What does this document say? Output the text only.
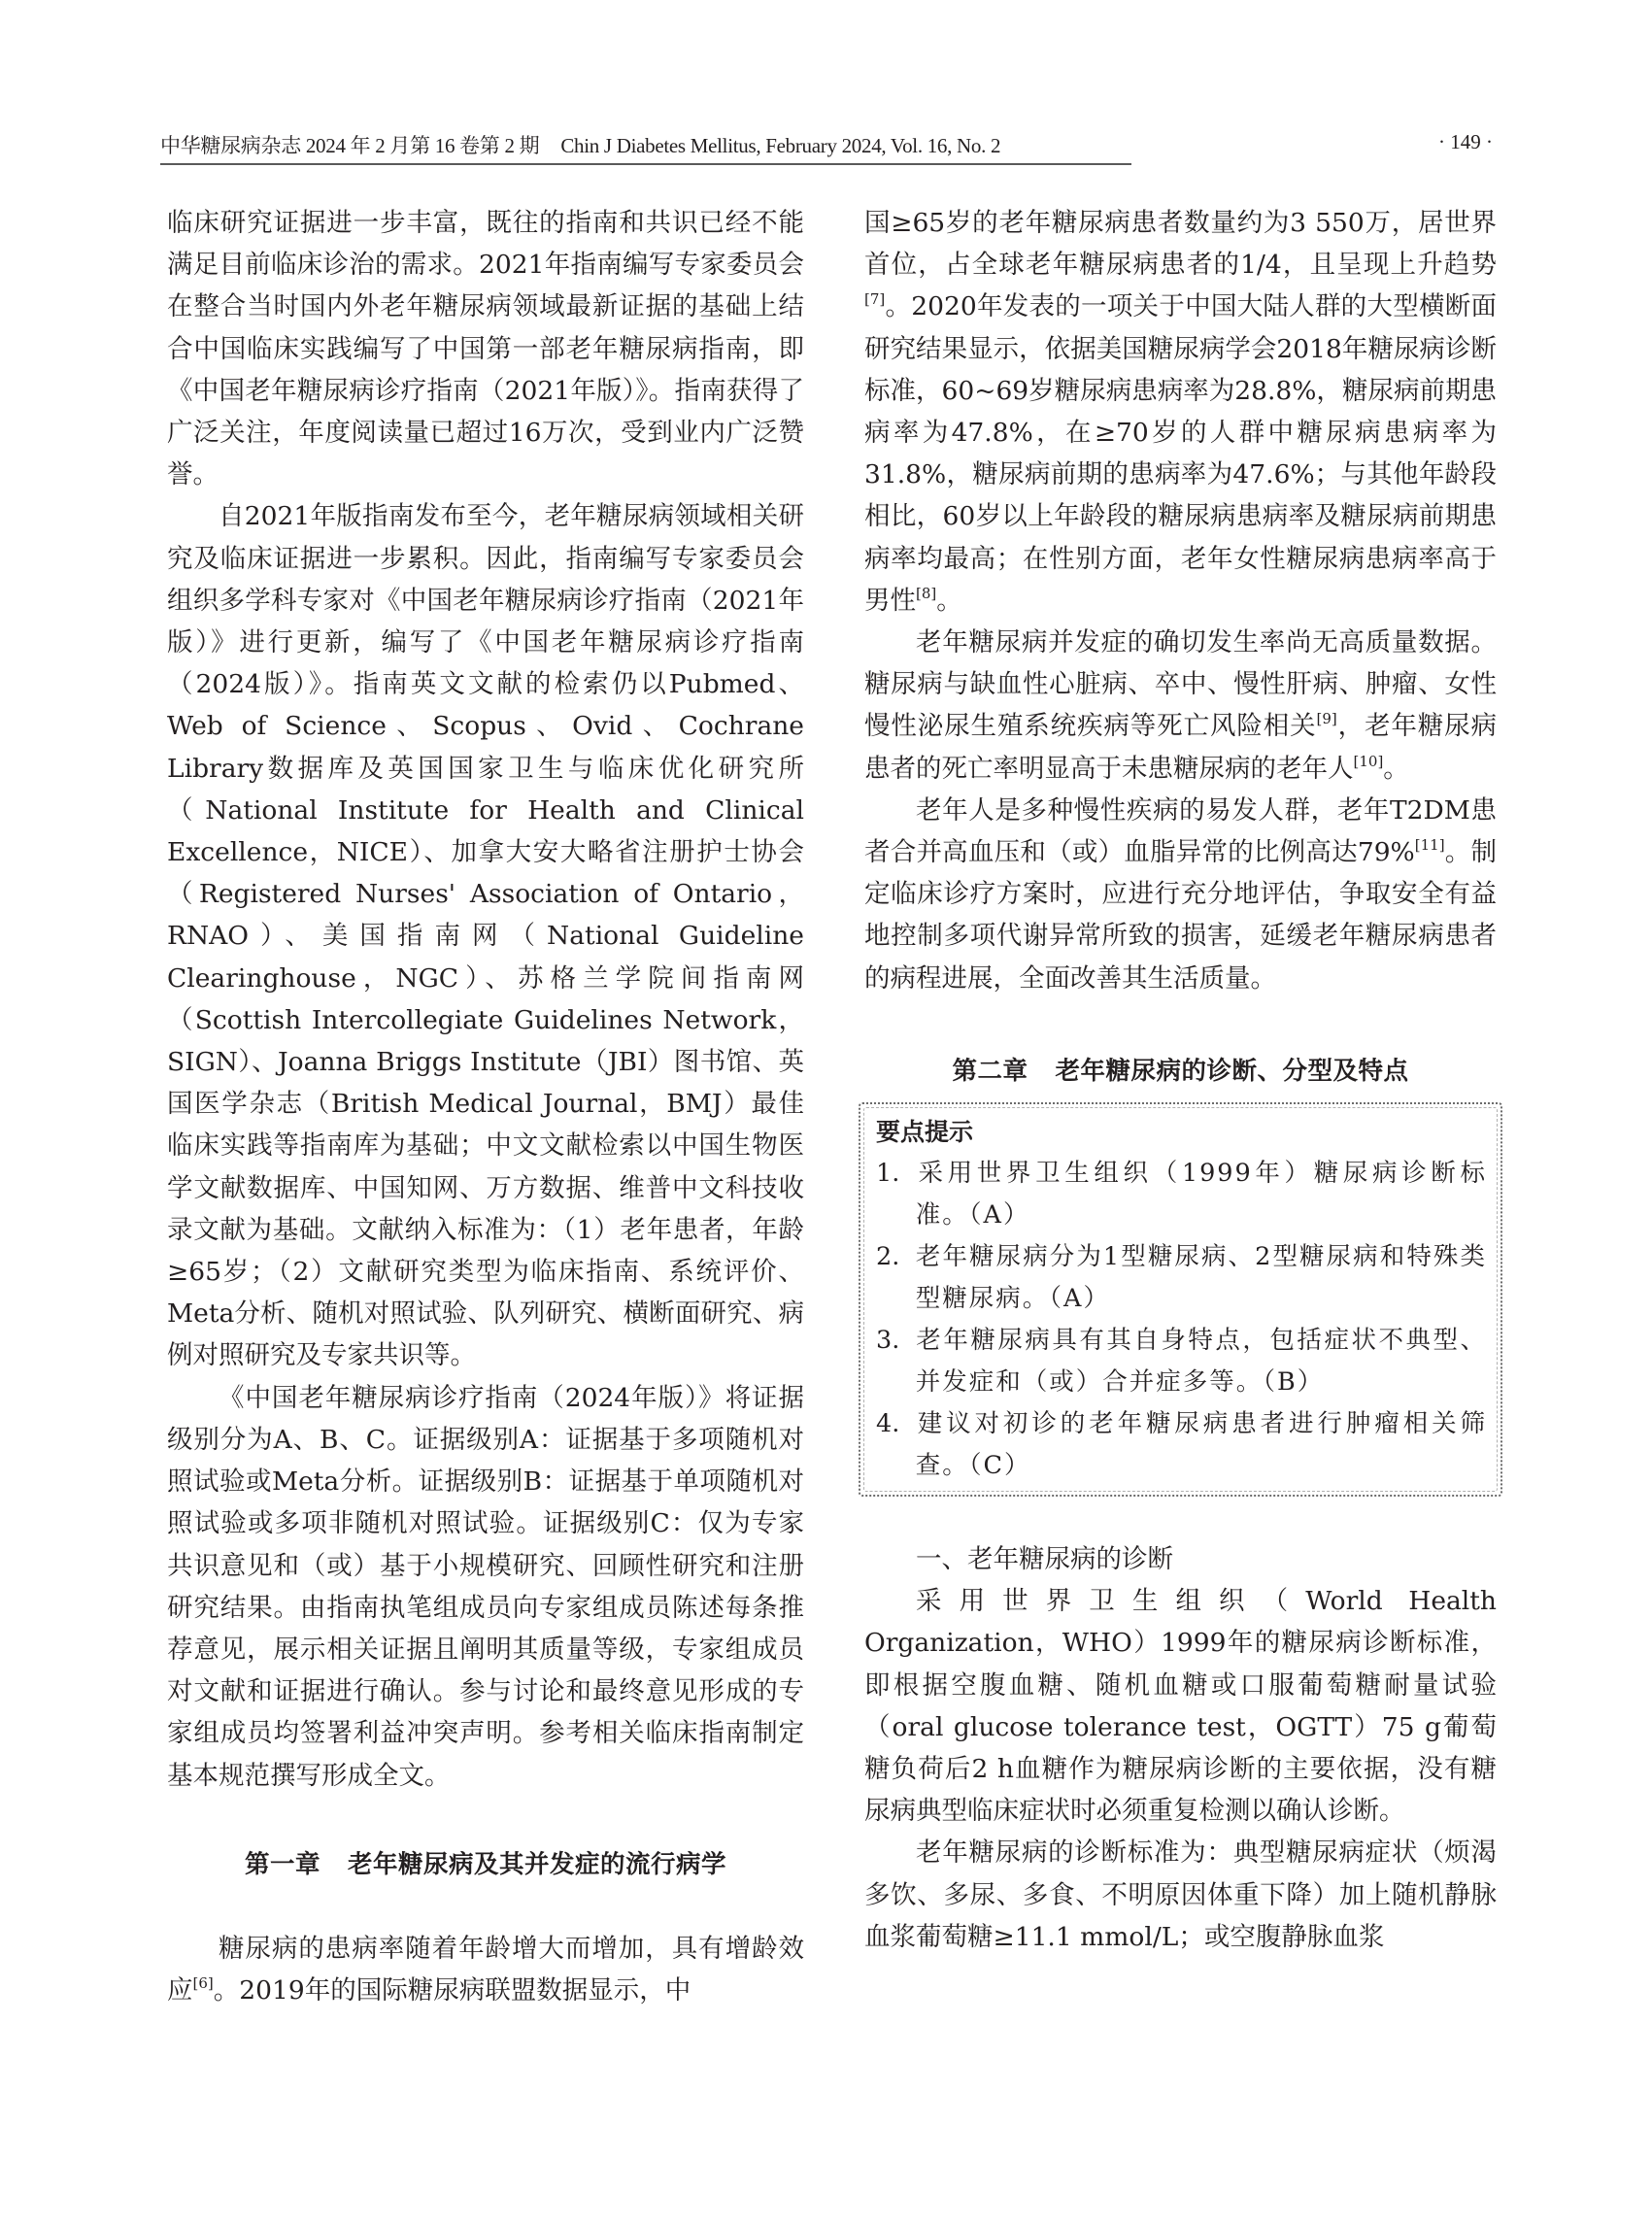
中华糖尿病杂志 2024 年 2 月第 16 卷第 2 期 Chin J Diabetes Mellitus, February 2024, Vol. 16, No. 2	· 149 ·

临床研究证据进一步丰富，既往的指南和共识已经不能满足目前临床诊治的需求。2021年指南编写专家委员会在整合当时国内外老年糖尿病领域最新证据的基础上结合中国临床实践编写了中国第一部老年糖尿病指南，即《中国老年糖尿病诊疗指南（2021年版）》。指南获得了广泛关注，年度阅读量已超过16万次，受到业内广泛赞誉。

自2021年版指南发布至今，老年糖尿病领域相关研究及临床证据进一步累积。因此，指南编写专家委员会组织多学科专家对《中国老年糖尿病诊疗指南（2021年版）》进行更新，编写了《中国老年糖尿病诊疗指南（2024版）》。指南英文文献的检索仍以Pubmed、Web of Science、Scopus、Ovid、Cochrane Library数据库及英国国家卫生与临床优化研究所（National Institute for Health and Clinical Excellence，NICE）、加拿大安大略省注册护士协会（Registered Nurses' Association of Ontario，RNAO）、美国指南网（National Guideline Clearinghouse，NGC）、苏格兰学院间指南网（Scottish Intercollegiate Guidelines Network，SIGN）、Joanna Briggs Institute（JBI）图书馆、英国医学杂志（British Medical Journal，BMJ）最佳临床实践等指南库为基础；中文文献检索以中国生物医学文献数据库、中国知网、万方数据、维普中文科技收录文献为基础。文献纳入标准为：（1）老年患者，年龄≥65岁；（2）文献研究类型为临床指南、系统评价、Meta分析、随机对照试验、队列研究、横断面研究、病例对照研究及专家共识等。

《中国老年糖尿病诊疗指南（2024年版）》将证据级别分为A、B、C。证据级别A：证据基于多项随机对照试验或Meta分析。证据级别B：证据基于单项随机对照试验或多项非随机对照试验。证据级别C：仅为专家共识意见和（或）基于小规模研究、回顾性研究和注册研究结果。由指南执笔组成员向专家组成员陈述每条推荐意见，展示相关证据且阐明其质量等级，专家组成员对文献和证据进行确认。参与讨论和最终意见形成的专家组成员均签署利益冲突声明。参考相关临床指南制定基本规范撰写形成全文。

第一章 老年糖尿病及其并发症的流行病学

糖尿病的患病率随着年龄增大而增加，具有增龄效应[6]。2019年的国际糖尿病联盟数据显示，中

国≥65岁的老年糖尿病患者数量约为3 550万，居世界首位，占全球老年糖尿病患者的1/4，且呈现上升趋势[7]。2020年发表的一项关于中国大陆人群的大型横断面研究结果显示，依据美国糖尿病学会2018年糖尿病诊断标准，60~69岁糖尿病患病率为28.8%，糖尿病前期患病率为47.8%，在≥70岁的人群中糖尿病患病率为31.8%，糖尿病前期的患病率为47.6%；与其他年龄段相比，60岁以上年龄段的糖尿病患病率及糖尿病前期患病率均最高；在性别方面，老年女性糖尿病患病率高于男性[8]。

老年糖尿病并发症的确切发生率尚无高质量数据。糖尿病与缺血性心脏病、卒中、慢性肝病、肿瘤、女性慢性泌尿生殖系统疾病等死亡风险相关[9]，老年糖尿病患者的死亡率明显高于未患糖尿病的老年人[10]。

老年人是多种慢性疾病的易发人群，老年T2DM患者合并高血压和（或）血脂异常的比例高达79%[11]。制定临床诊疗方案时，应进行充分地评估，争取安全有益地控制多项代谢异常所致的损害，延缓老年糖尿病患者的病程进展，全面改善其生活质量。

第二章 老年糖尿病的诊断、分型及特点

要点提示
1. 采用世界卫生组织（1999年）糖尿病诊断标准。（A）
2. 老年糖尿病分为1型糖尿病、2型糖尿病和特殊类型糖尿病。（A）
3. 老年糖尿病具有其自身特点，包括症状不典型、并发症和（或）合并症多等。（B）
4. 建议对初诊的老年糖尿病患者进行肿瘤相关筛查。（C）

一、老年糖尿病的诊断

采用世界卫生组织（World Health Organization，WHO）1999年的糖尿病诊断标准，即根据空腹血糖、随机血糖或口服葡萄糖耐量试验（oral glucose tolerance test，OGTT）75 g葡萄糖负荷后2 h血糖作为糖尿病诊断的主要依据，没有糖尿病典型临床症状时必须重复检测以确认诊断。

老年糖尿病的诊断标准为：典型糖尿病症状（烦渴多饮、多尿、多食、不明原因体重下降）加上随机静脉血浆葡萄糖≥11.1 mmol/L；或空腹静脉血浆
